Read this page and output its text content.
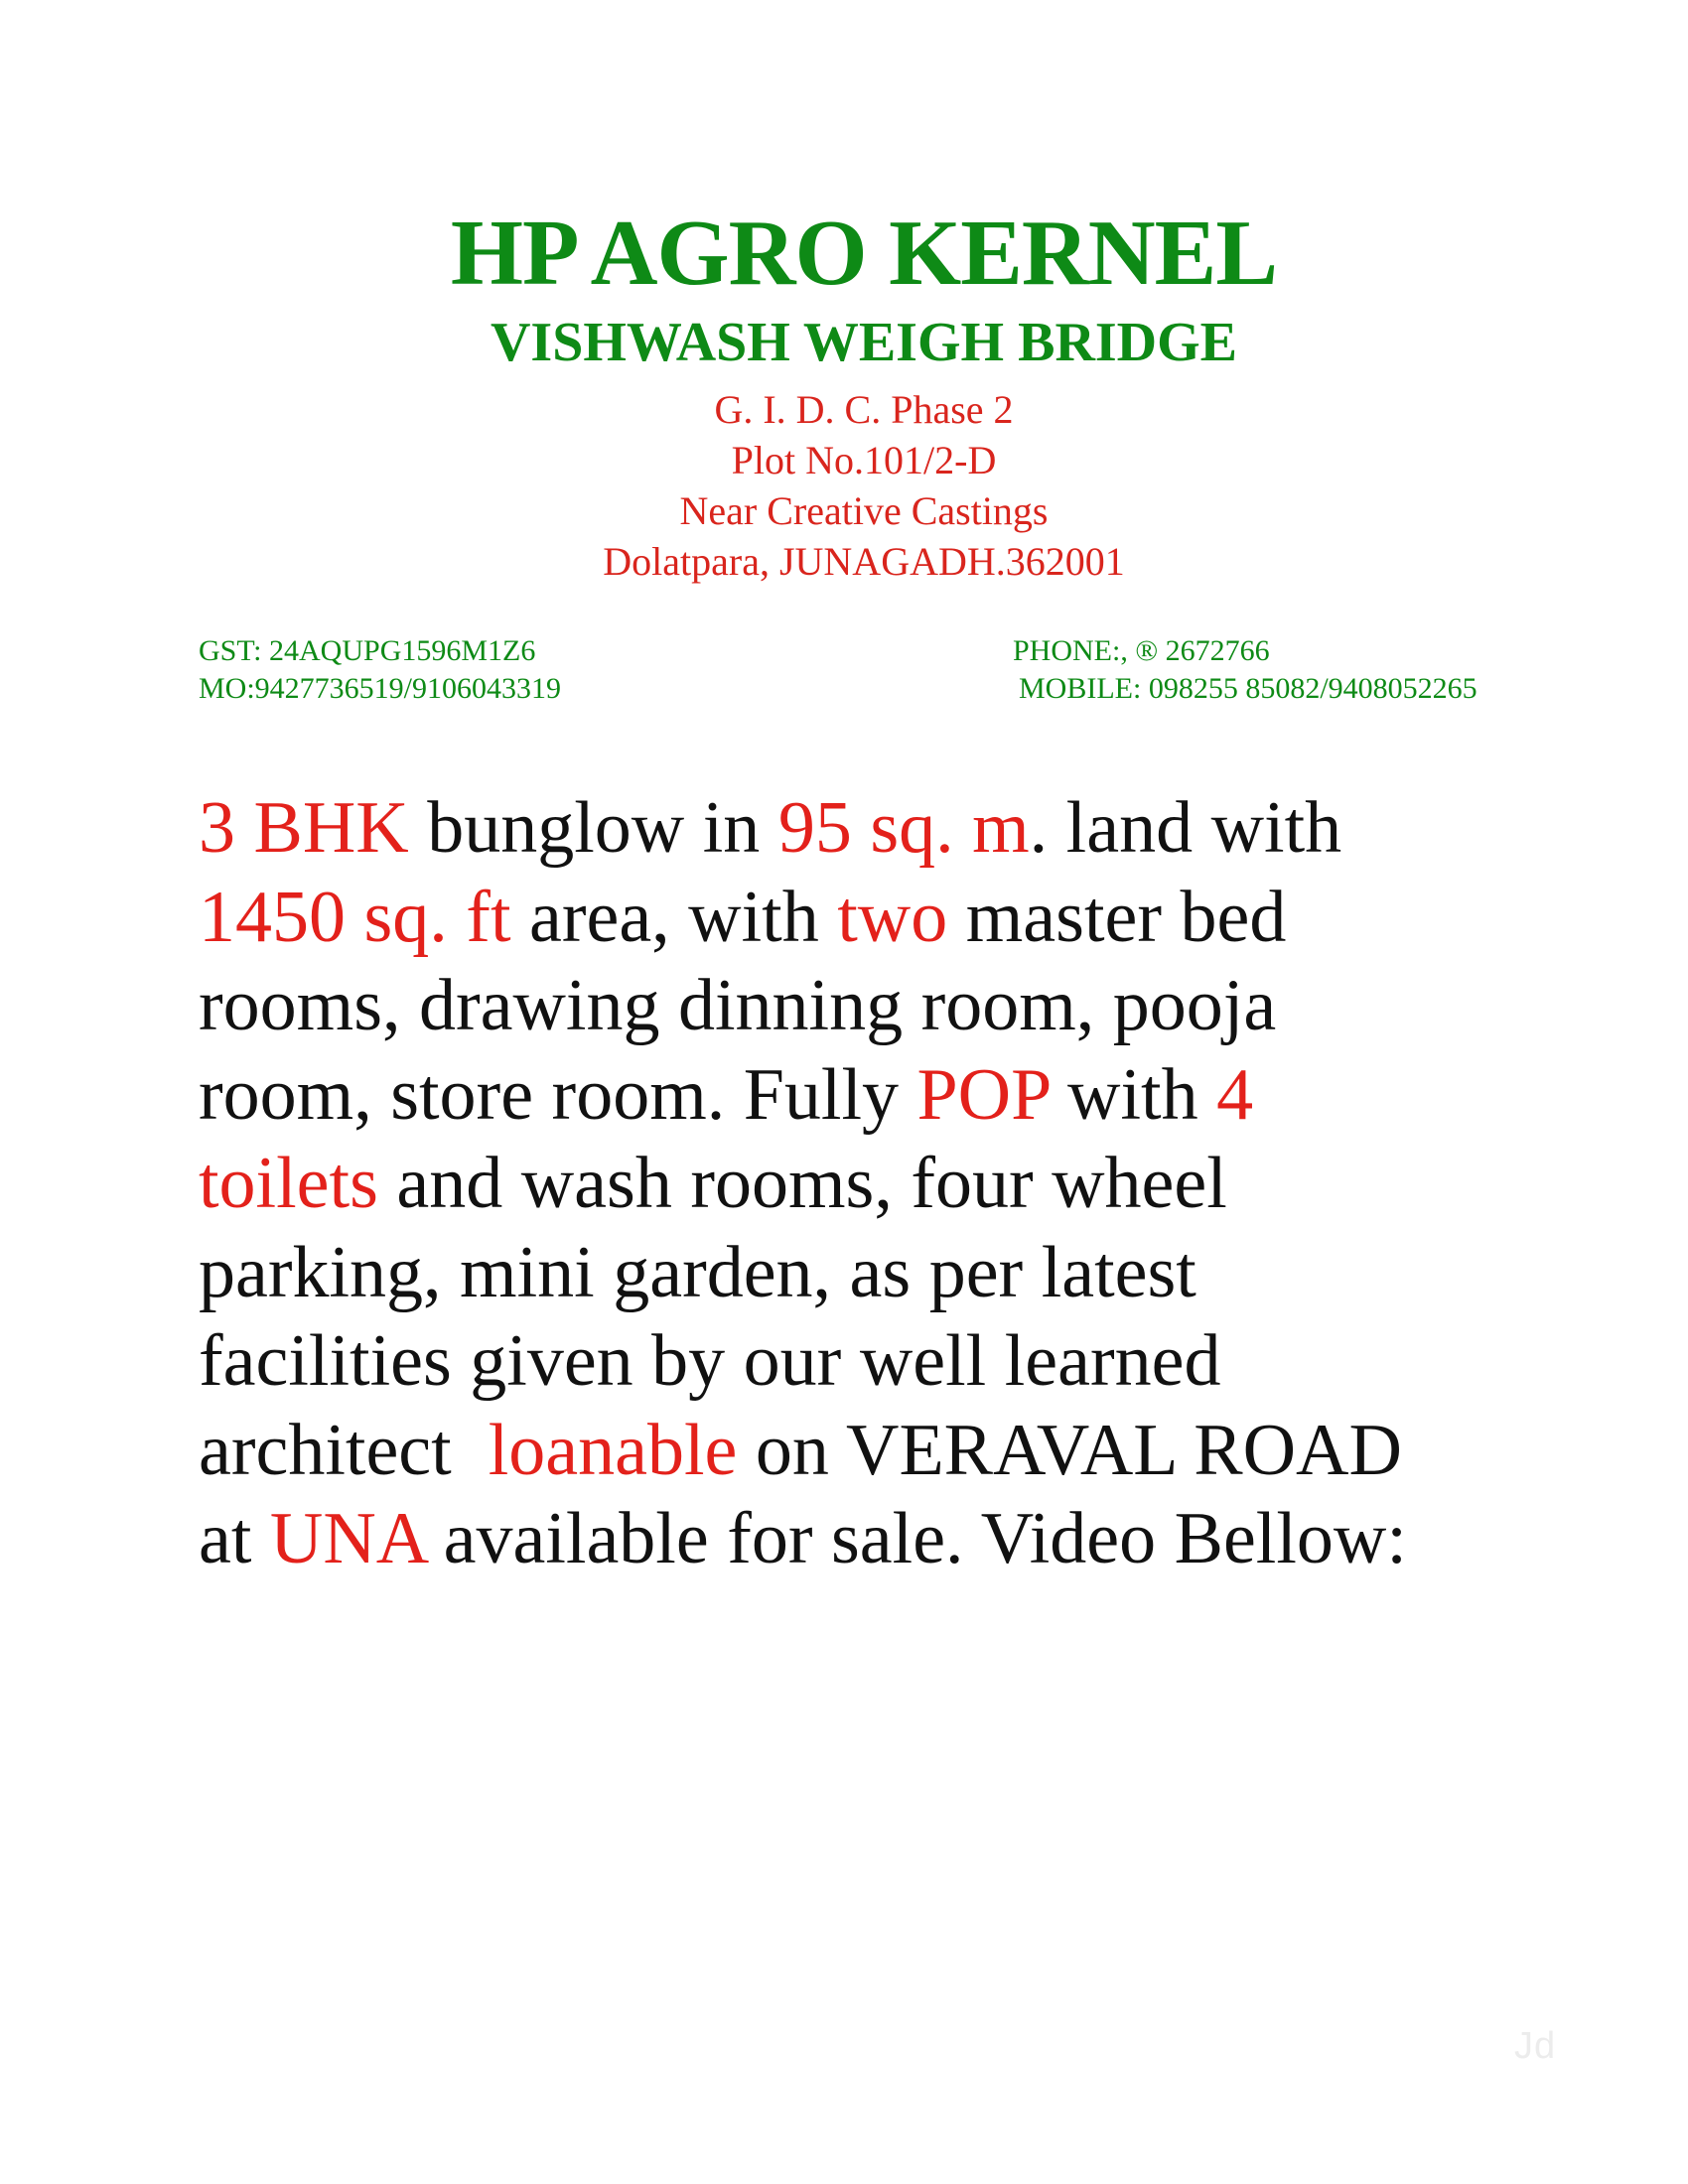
HP AGRO KERNEL
VISHWASH WEIGH BRIDGE
G. I. D. C. Phase 2
Plot No.101/2-D
Near Creative Castings
Dolatpara, JUNAGADH.362001
GST: 24AQUPG1596M1Z6
MO:9427736519/9106043319
PHONE:, ® 2672766
MOBILE: 098255 85082/9408052265
3 BHK bunglow in 95 sq. m. land with
1450 sq. ft area, with two master bed
rooms, drawing dinning room, pooja
room, store room. Fully POP with 4
toilets and wash rooms, four wheel
parking, mini garden, as per latest
facilities given by our well learned
architect  loanable on VERAVAL ROAD
at UNA available for sale. Video Bellow:
Jd
